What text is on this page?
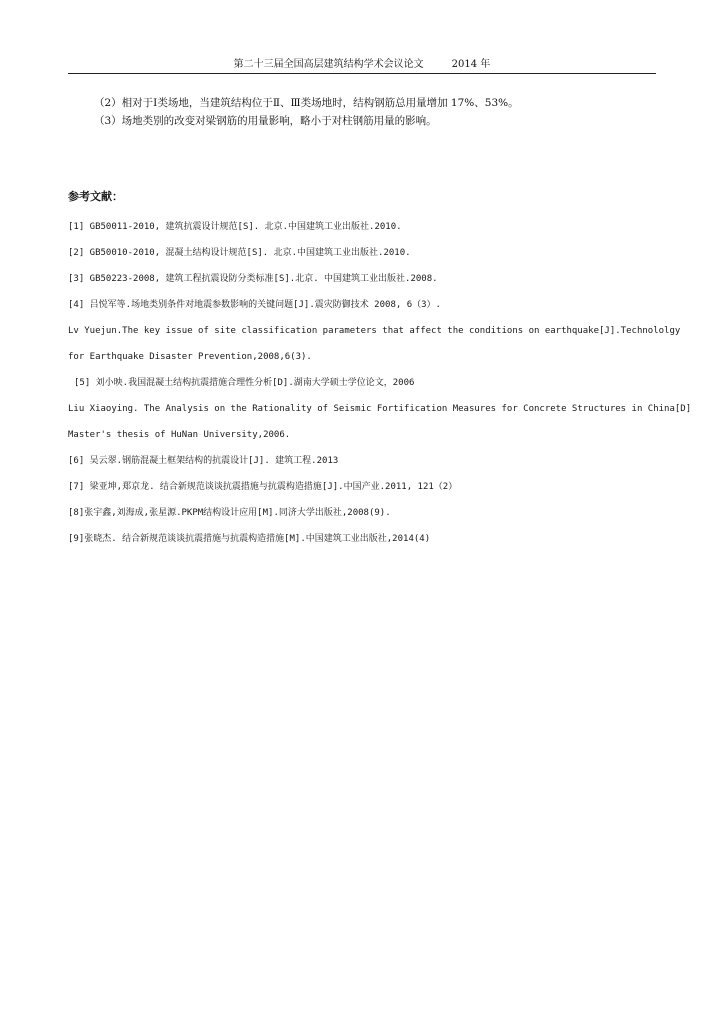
第二十三届全国高层建筑结构学术会议论文	2014 年
（2）相对于Ⅰ类场地，当建筑结构位于Ⅱ、Ⅲ类场地时，结构钢筋总用量增加 17%、53%。
（3）场地类别的改变对梁钢筋的用量影响，略小于对柱钢筋用量的影响。
参考文献：
[1] GB50011-2010, 建筑抗震设计规范[S]. 北京.中国建筑工业出版社.2010.
[2] GB50010-2010, 混凝土结构设计规范[S]. 北京.中国建筑工业出版社.2010.
[3] GB50223-2008, 建筑工程抗震设防分类标准[S].北京. 中国建筑工业出版社.2008.
[4] 吕悦军等.场地类别条件对地震参数影响的关键问题[J].震灾防御技术 2008, 6（3）.
Lv Yuejun.The key issue of site classification parameters that affect the conditions on earthquake[J].Technololgy
for Earthquake Disaster Prevention,2008,6(3).
[5] 刘小映.我国混凝土结构抗震措施合理性分析[D].湖南大学硕士学位论文，2006
Liu Xiaoying. The Analysis on the Rationality of Seismic Fortification Measures for Concrete Structures in China[D]
Master's thesis of HuNan University,2006.
[6] 吴云翠.钢筋混凝土框架结构的抗震设计[J]. 建筑工程.2013
[7] 梁亚坤,郑京龙. 结合新规范谈谈抗震措施与抗震构造措施[J].中国产业.2011, 121（2）
[8]张宇鑫,刘海成,张星源.PKPM结构设计应用[M].同济大学出版社,2008(9).
[9]张晓杰. 结合新规范谈谈抗震措施与抗震构造措施[M].中国建筑工业出版社,2014(4)
